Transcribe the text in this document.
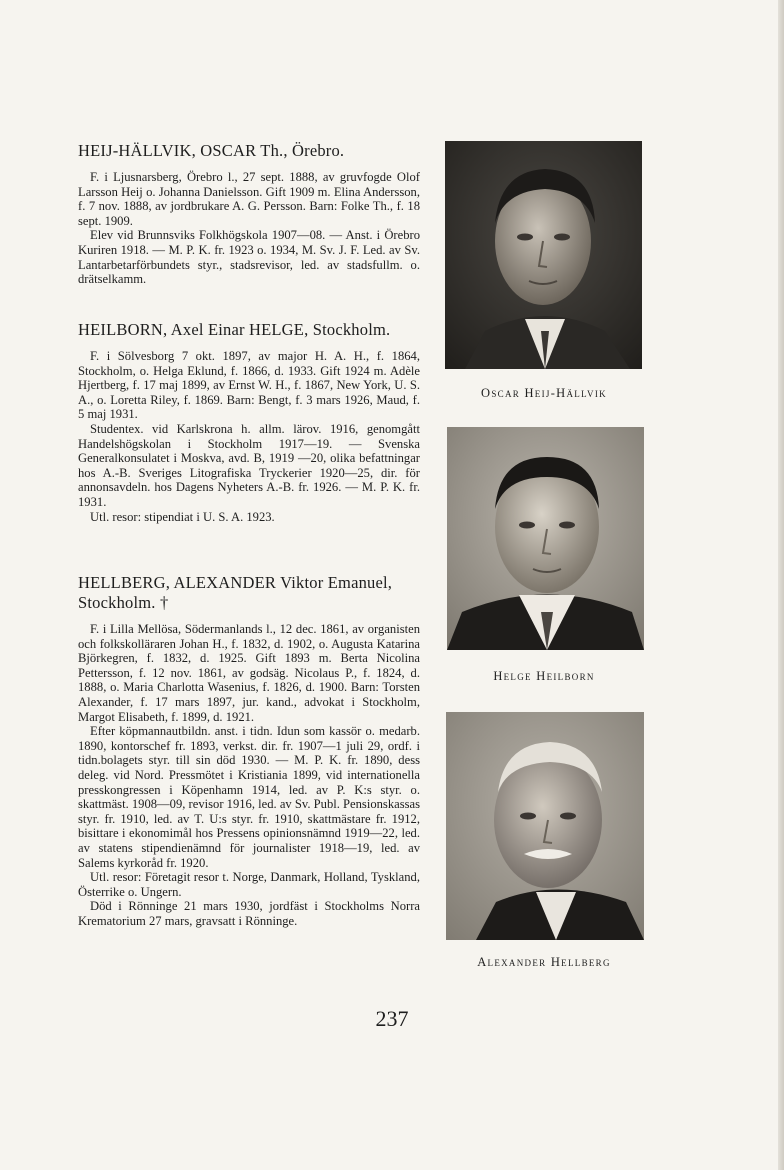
HEIJ-HÄLLVIK, OSCAR Th., Örebro.

F. i Ljusnarsberg, Örebro l., 27 sept. 1888, av gruvfogde Olof Larsson Heij o. Johanna Danielsson. Gift 1909 m. Elina Andersson, f. 7 nov. 1888, av jordbrukare A. G. Persson. Barn: Folke Th., f. 18 sept. 1909.

Elev vid Brunnsviks Folkhögskola 1907—08. — Anst. i Örebro Kuriren 1918. — M. P. K. fr. 1923 o. 1934, M. Sv. J. F. Led. av Sv. Lantarbetarförbundets styr., stadsrevisor, led. av stadsfullm. o. drätselkamm.

HEILBORN, Axel Einar HELGE, Stockholm.

F. i Sölvesborg 7 okt. 1897, av major H. A. H., f. 1864, Stockholm, o. Helga Eklund, f. 1866, d. 1933. Gift 1924 m. Adèle Hjertberg, f. 17 maj 1899, av Ernst W. H., f. 1867, New York, U. S. A., o. Loretta Riley, f. 1869. Barn: Bengt, f. 3 mars 1926, Maud, f. 5 maj 1931.

Studentex. vid Karlskrona h. allm. lärov. 1916, genomgått Handelshögskolan i Stockholm 1917—19. — Svenska Generalkonsulatet i Moskva, avd. B, 1919 —20, olika befattningar hos A.-B. Sveriges Litografiska Tryckerier 1920—25, dir. för annonsavdeln. hos Dagens Nyheters A.-B. fr. 1926. — M. P. K. fr. 1931.

Utl. resor: stipendiat i U. S. A. 1923.

HELLBERG, ALEXANDER Viktor Emanuel, Stockholm. †

F. i Lilla Mellösa, Södermanlands l., 12 dec. 1861, av organisten och folkskolläraren Johan H., f. 1832, d. 1902, o. Augusta Katarina Björkegren, f. 1832, d. 1925. Gift 1893 m. Berta Nicolina Pettersson, f. 12 nov. 1861, av godsäg. Nicolaus P., f. 1824, d. 1888, o. Maria Charlotta Wasenius, f. 1826, d. 1900. Barn: Torsten Alexander, f. 17 mars 1897, jur. kand., advokat i Stockholm, Margot Elisabeth, f. 1899, d. 1921.

Efter köpmannautbildn. anst. i tidn. Idun som kassör o. medarb. 1890, kontorschef fr. 1893, verkst. dir. fr. 1907—1 juli 29, ordf. i tidn.bolagets styr. till sin död 1930. — M. P. K. fr. 1890, dess deleg. vid Nord. Pressmötet i Kristiania 1899, vid internationella presskongressen i Köpenhamn 1914, led. av P. K:s styr. o. skattmäst. 1908—09, revisor 1916, led. av Sv. Publ. Pensionskassas styr. fr. 1910, led. av T. U:s styr. fr. 1910, skattmästare fr. 1912, bisittare i ekonomimål hos Pressens opinionsnämnd 1919—22, led. av statens stipendienämnd för journalister 1918—19, led. av Salems kyrkoråd fr. 1920.

Utl. resor: Företagit resor t. Norge, Danmark, Holland, Tyskland, Österrike o. Ungern.

Död i Rönninge 21 mars 1930, jordfäst i Stockholms Norra Krematorium 27 mars, gravsatt i Rönninge.

Oscar Heij-Hällvik
Helge Heilborn
Alexander Hellberg
237
